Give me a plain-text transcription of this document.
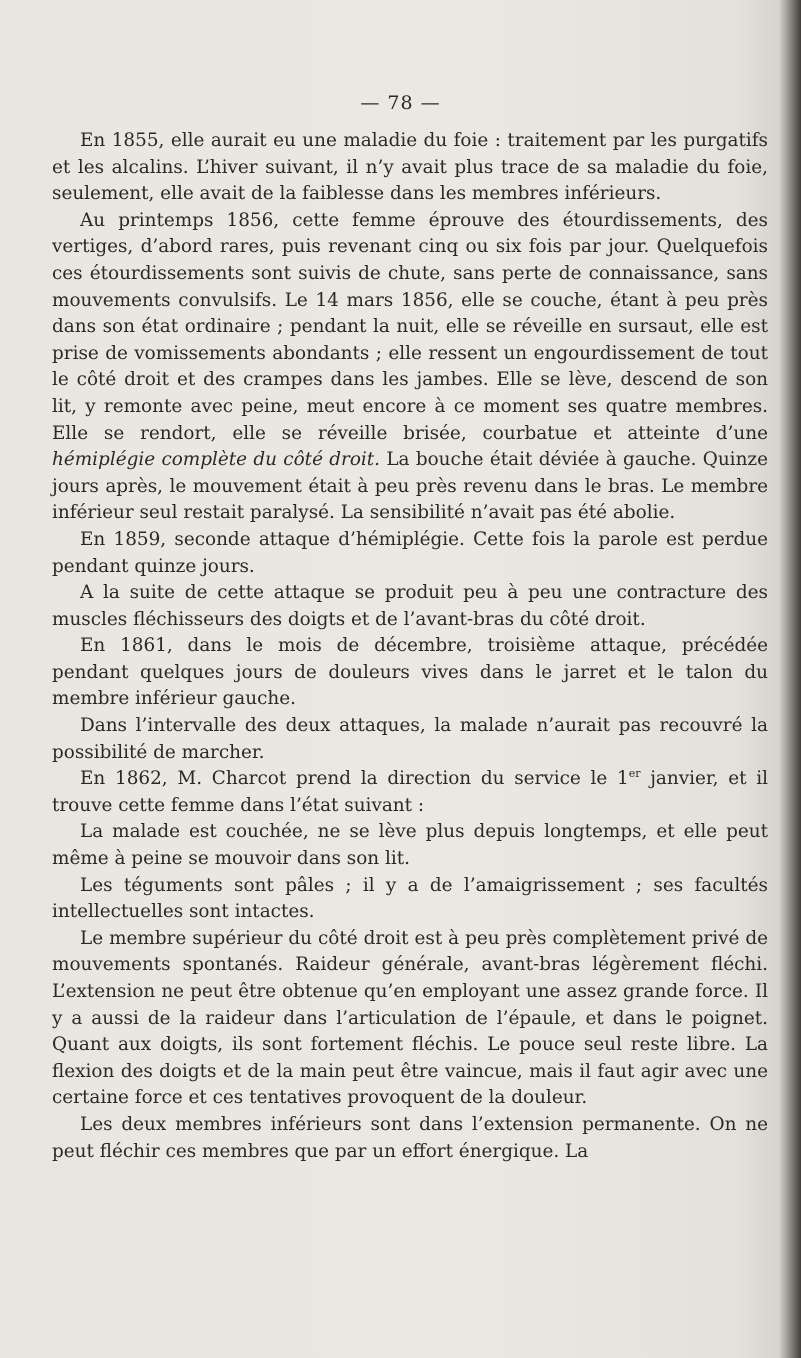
— 78 —

En 1855, elle aurait eu une maladie du foie : traitement par les purgatifs et les alcalins. L’hiver suivant, il n’y avait plus trace de sa maladie du foie, seulement, elle avait de la faiblesse dans les membres inférieurs.

Au printemps 1856, cette femme éprouve des étourdissements, des vertiges, d’abord rares, puis revenant cinq ou six fois par jour. Quelquefois ces étourdissements sont suivis de chute, sans perte de connaissance, sans mouvements convulsifs. Le 14 mars 1856, elle se couche, étant à peu près dans son état ordinaire ; pendant la nuit, elle se réveille en sursaut, elle est prise de vomissements abondants ; elle ressent un engourdissement de tout le côté droit et des crampes dans les jambes. Elle se lève, descend de son lit, y remonte avec peine, meut encore à ce moment ses quatre membres. Elle se rendort, elle se réveille brisée, courbatue et atteinte d’une hémiplégie complète du côté droit. La bouche était déviée à gauche. Quinze jours après, le mouvement était à peu près revenu dans le bras. Le membre inférieur seul restait paralysé. La sensibilité n’avait pas été abolie.

En 1859, seconde attaque d’hémiplégie. Cette fois la parole est perdue pendant quinze jours.

A la suite de cette attaque se produit peu à peu une contracture des muscles fléchisseurs des doigts et de l’avant-bras du côté droit.

En 1861, dans le mois de décembre, troisième attaque, précédée pendant quelques jours de douleurs vives dans le jarret et le talon du membre inférieur gauche.

Dans l’intervalle des deux attaques, la malade n’aurait pas recouvré la possibilité de marcher.

En 1862, M. Charcot prend la direction du service le 1er janvier, et il trouve cette femme dans l’état suivant :

La malade est couchée, ne se lève plus depuis longtemps, et elle peut même à peine se mouvoir dans son lit.

Les téguments sont pâles ; il y a de l’amaigrissement ; ses facultés intellectuelles sont intactes.

Le membre supérieur du côté droit est à peu près complètement privé de mouvements spontanés. Raideur générale, avant-bras légèrement fléchi. L’extension ne peut être obtenue qu’en employant une assez grande force. Il y a aussi de la raideur dans l’articulation de l’épaule, et dans le poignet. Quant aux doigts, ils sont fortement fléchis. Le pouce seul reste libre. La flexion des doigts et de la main peut être vaincue, mais il faut agir avec une certaine force et ces tentatives provoquent de la douleur.

Les deux membres inférieurs sont dans l’extension permanente. On ne peut fléchir ces membres que par un effort énergique. La
